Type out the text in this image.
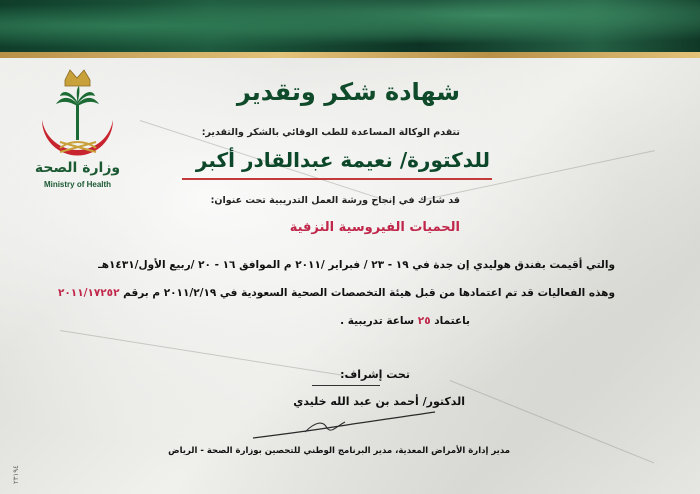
وزارة الصحة
Ministry of Health
شهادة شكر وتقدير
تتقدم الوكالة المساعدة للطب الوقائي بالشكر والتقدير:
للدكتورة/ نعيمة عبدالقادر أكبر
قد شارك في إنجاح ورشة العمل التدريبية تحت عنوان:
الحميات الفيروسية النزفية
والتي أقيمت بفندق هوليدي إن جدة في ١٩ - ٢٣ / فبراير /٢٠١١ م الموافق ١٦ - ٢٠ /ربيع الأول/١٤٣١هـ
وهذه الفعاليات قد تم اعتمادها من قبل هيئة التخصصات الصحية السعودية في ٢٠١١/٢/١٩ م برقم ٢٠١١/١٧٢٥٢
باعتماد ٢٥ ساعة تدريبية .
تحت إشراف:
الدكتور/ أحمد بن عبد الله خليدي
مدير إدارة الأمراض المعدية، مدير البرنامج الوطني للتحصين بوزارة الصحة - الرياض
٢٣١٩٤
